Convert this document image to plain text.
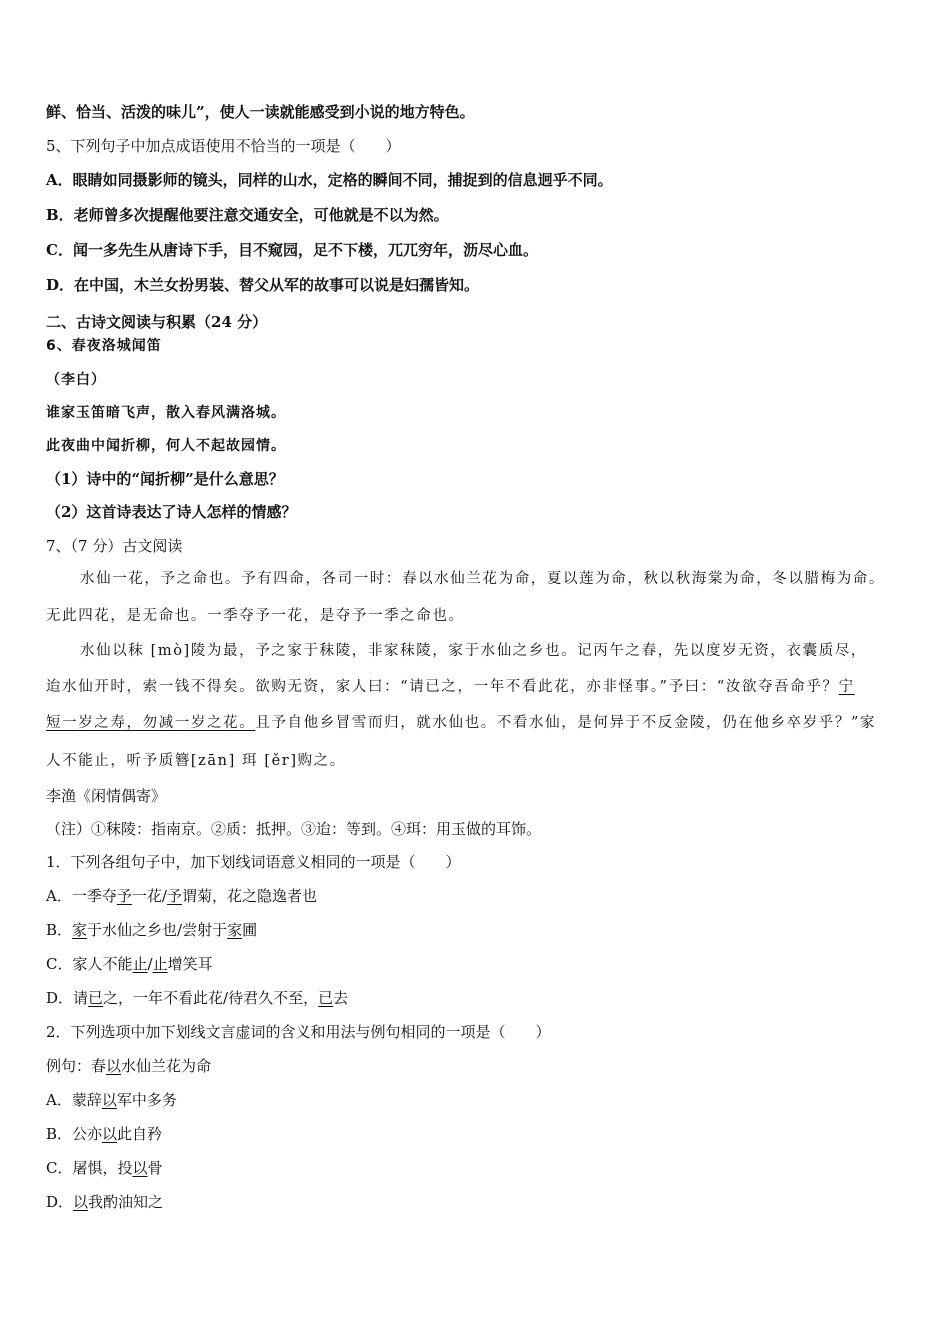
鲜、恰当、活泼的味儿”，使人一读就能感受到小说的地方特色。
5、下列句子中加点成语使用不恰当的一项是（　　）
A．眼睛如同摄影师的镜头，同样的山水，定格的瞬间不同，捕捉到的信息迥乎不同。
B．老师曾多次提醒他要注意交通安全，可他就是不以为然。
C．闻一多先生从唐诗下手，目不窥园，足不下楼，兀兀穷年，沥尽心血。
D．在中国，木兰女扮男装、替父从军的故事可以说是妇孺皆知。
二、古诗文阅读与积累（24 分）
6、春夜洛城闻笛
（李白）
谁家玉笛暗飞声，散入春风满洛城。
此夜曲中闻折柳，何人不起故园情。
（1）诗中的“闻折柳”是什么意思？
（2）这首诗表达了诗人怎样的情感？
7、（7 分）古文阅读
水仙一花，予之命也。予有四命，各司一时：春以水仙兰花为命，夏以莲为命，秋以秋海棠为命，冬以腊梅为命。
无此四花，是无命也。一季夺予一花，是夺予一季之命也。
水仙以秣 [mò]陵为最，予之家于秣陵，非家秣陵，家于水仙之乡也。记丙午之春，先以度岁无资，衣囊质尽，
迨水仙开时，索一钱不得矣。欲购无资，家人曰：“请已之，一年不看此花，亦非怪事。”予曰：“汝欲夺吾命乎？宁
短一岁之寿，勿减一岁之花。且予自他乡冒雪而归，就水仙也。不看水仙，是何异于不反金陵，仍在他乡卒岁乎？”家
人不能止，听予质簪[zān] 珥 [ěr]购之。
李渔《闲情偶寄》
（注）①秣陵：指南京。②质：抵押。③迨：等到。④珥：用玉做的耳饰。
1．下列各组句子中，加下划线词语意义相同的一项是（　　）
A．一季夺予一花/予谓菊，花之隐逸者也
B．家于水仙之乡也/尝射于家圃
C．家人不能止/止增笑耳
D．请已之，一年不看此花/待君久不至，已去
2．下列选项中加下划线文言虚词的含义和用法与例句相同的一项是（　　）
例句：春以水仙兰花为命
A．蒙辞以军中多务
B．公亦以此自矜
C．屠惧，投以骨
D．以我酌油知之
